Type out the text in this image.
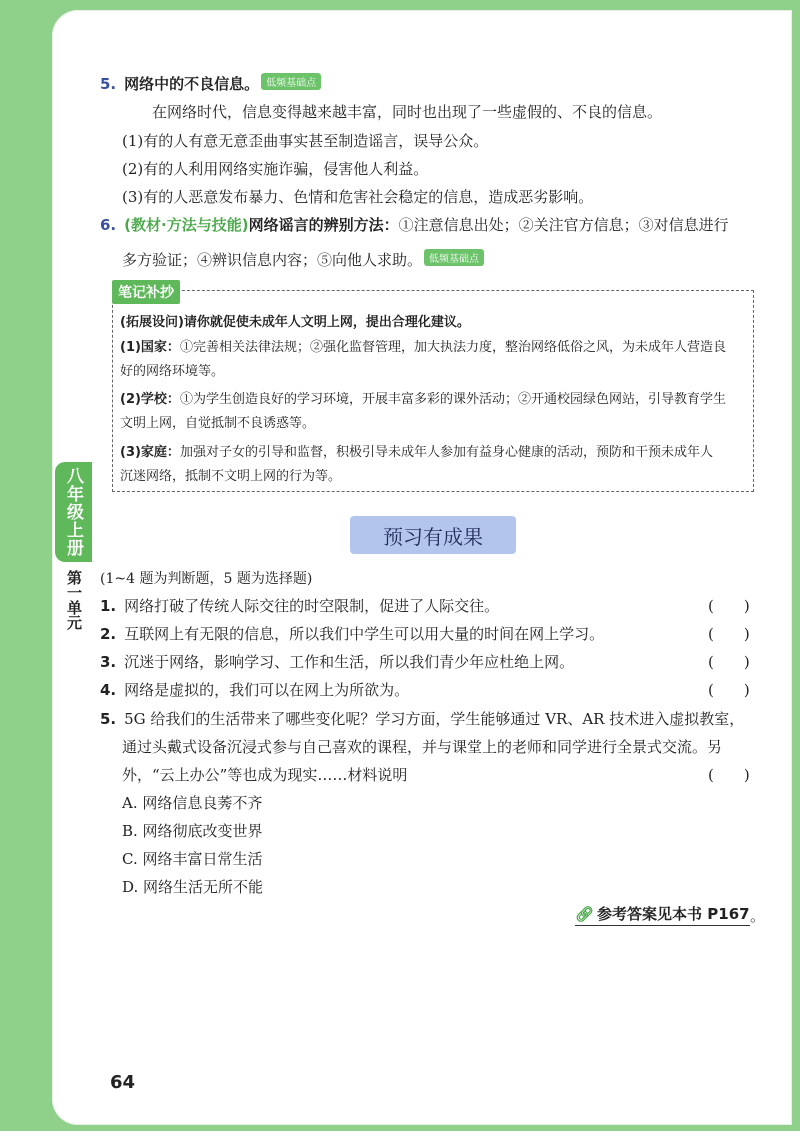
八年级上册
第一单元
5. 网络中的不良信息。 低频基础点
在网络时代，信息变得越来越丰富，同时也出现了一些虚假的、不良的信息。
(1)有的人有意无意歪曲事实甚至制造谣言，误导公众。
(2)有的人利用网络实施诈骗，侵害他人利益。
(3)有的人恶意发布暴力、色情和危害社会稳定的信息，造成恶劣影响。
6. (教材·方法与技能)网络谣言的辨别方法：①注意信息出处；②关注官方信息；③对信息进行
多方验证；④辨识信息内容；⑤向他人求助。 低频基础点
笔记补抄
(拓展设问)请你就促使未成年人文明上网，提出合理化建议。
(1)国家：①完善相关法律法规；②强化监督管理，加大执法力度，整治网络低俗之风，为未成年人营造良
好的网络环境等。
(2)学校：①为学生创造良好的学习环境，开展丰富多彩的课外活动；②开通校园绿色网站，引导教育学生
文明上网，自觉抵制不良诱惑等。
(3)家庭：加强对子女的引导和监督，积极引导未成年人参加有益身心健康的活动，预防和干预未成年人
沉迷网络，抵制不文明上网的行为等。
预习有成果
(1~4 题为判断题，5 题为选择题)
1. 网络打破了传统人际交往的时空限制，促进了人际交往。	(　　)
2. 互联网上有无限的信息，所以我们中学生可以用大量的时间在网上学习。	(　　)
3. 沉迷于网络，影响学习、工作和生活，所以我们青少年应杜绝上网。	(　　)
4. 网络是虚拟的，我们可以在网上为所欲为。	(　　)
5. 5G 给我们的生活带来了哪些变化呢？学习方面，学生能够通过 VR、AR 技术进入虚拟教室，
通过头戴式设备沉浸式参与自己喜欢的课程，并与课堂上的老师和同学进行全景式交流。另
外，“云上办公”等也成为现实……材料说明	(　　)
A. 网络信息良莠不齐
B. 网络彻底改变世界
C. 网络丰富日常生活
D. 网络生活无所不能
🔗︎ 参考答案见本书 P167 。
64
